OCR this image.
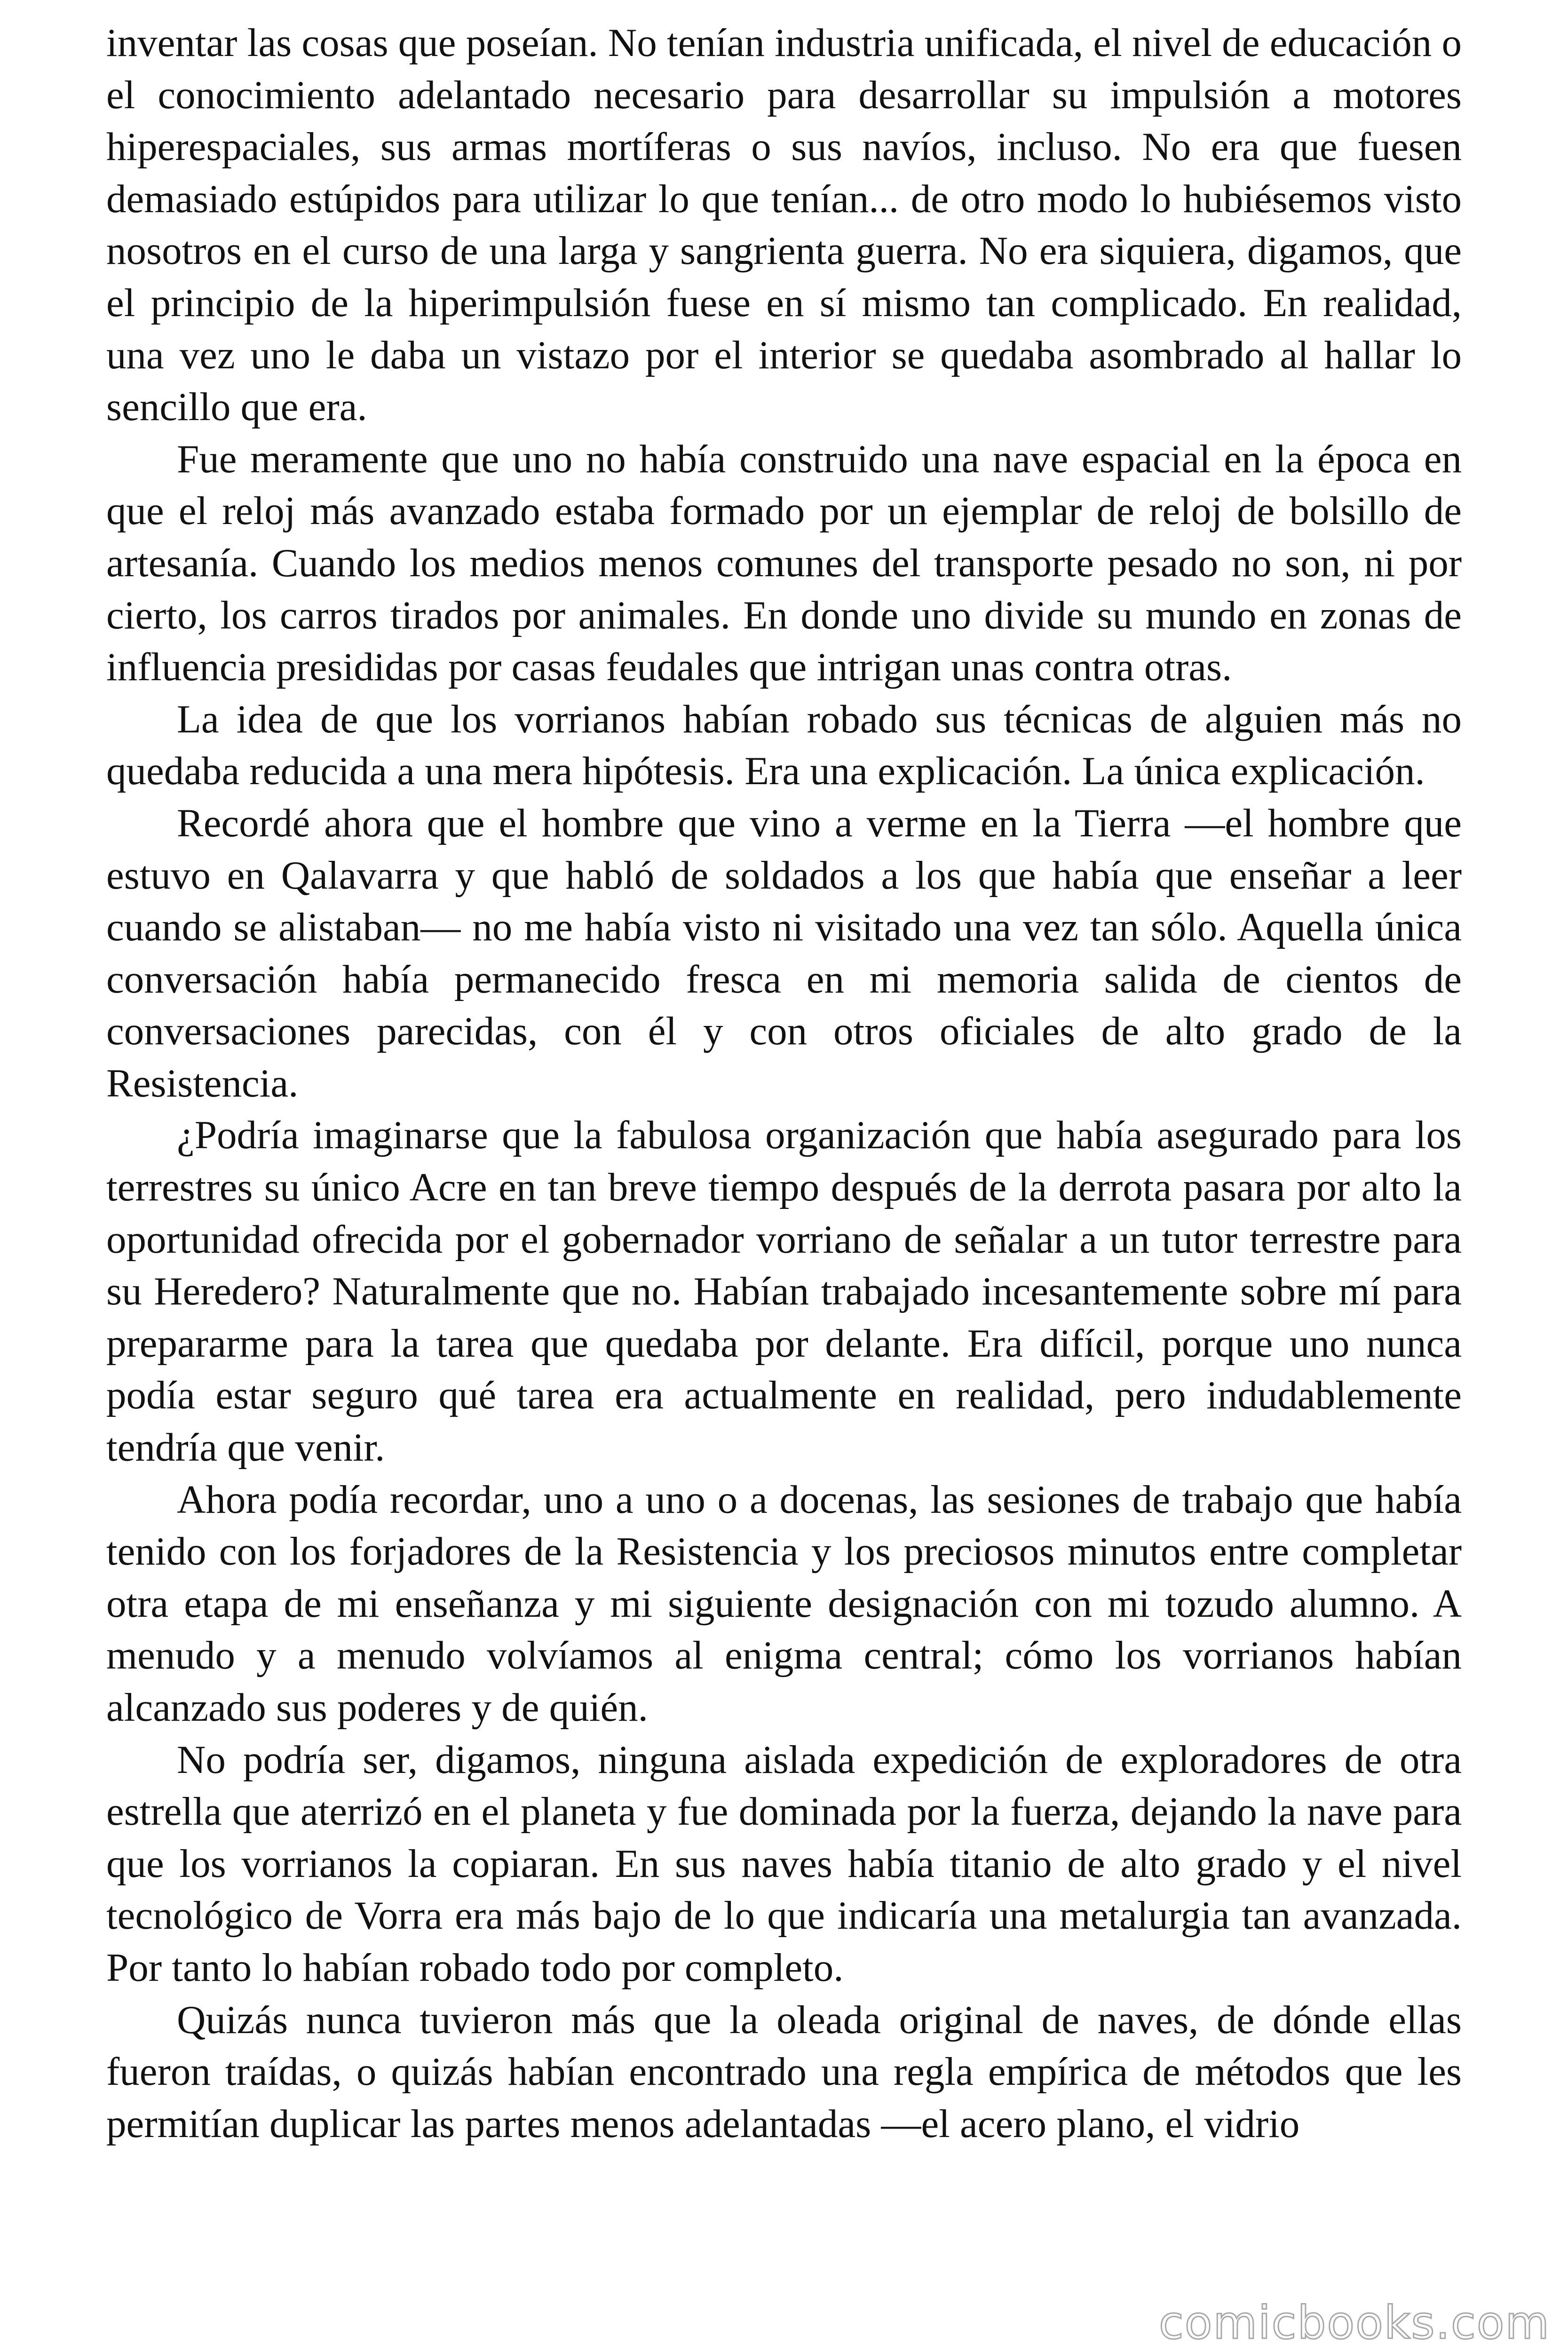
inventar las cosas que poseían. No tenían industria unificada, el nivel de educación o el conocimiento adelantado necesario para desarrollar su impulsión a motores hiperespaciales, sus armas mortíferas o sus navíos, incluso. No era que fuesen demasiado estúpidos para utilizar lo que tenían... de otro modo lo hubiésemos visto nosotros en el curso de una larga y sangrienta guerra. No era siquiera, digamos, que el principio de la hiperimpulsión fuese en sí mismo tan complicado. En realidad, una vez uno le daba un vistazo por el interior se quedaba asombrado al hallar lo sencillo que era.

Fue meramente que uno no había construido una nave espacial en la época en que el reloj más avanzado estaba formado por un ejemplar de reloj de bolsillo de artesanía. Cuando los medios menos comunes del transporte pesado no son, ni por cierto, los carros tirados por animales. En donde uno divide su mundo en zonas de influencia presididas por casas feudales que intrigan unas contra otras.

La idea de que los vorrianos habían robado sus técnicas de alguien más no quedaba reducida a una mera hipótesis. Era una explicación. La única explicación.

Recordé ahora que el hombre que vino a verme en la Tierra —el hombre que estuvo en Qalavarra y que habló de soldados a los que había que enseñar a leer cuando se alistaban— no me había visto ni visitado una vez tan sólo. Aquella única conversación había permanecido fresca en mi memoria salida de cientos de conversaciones parecidas, con él y con otros oficiales de alto grado de la Resistencia.

¿Podría imaginarse que la fabulosa organización que había asegurado para los terrestres su único Acre en tan breve tiempo después de la derrota pasara por alto la oportunidad ofrecida por el gobernador vorriano de señalar a un tutor terrestre para su Heredero? Naturalmente que no. Habían trabajado incesantemente sobre mí para prepararme para la tarea que quedaba por delante. Era difícil, porque uno nunca podía estar seguro qué tarea era actualmente en realidad, pero indudablemente tendría que venir.

Ahora podía recordar, uno a uno o a docenas, las sesiones de trabajo que había tenido con los forjadores de la Resistencia y los preciosos minutos entre completar otra etapa de mi enseñanza y mi siguiente designación con mi tozudo alumno. A menudo y a menudo volvíamos al enigma central; cómo los vorrianos habían alcanzado sus poderes y de quién.

No podría ser, digamos, ninguna aislada expedición de exploradores de otra estrella que aterrizó en el planeta y fue dominada por la fuerza, dejando la nave para que los vorrianos la copiaran. En sus naves había titanio de alto grado y el nivel tecnológico de Vorra era más bajo de lo que indicaría una metalurgia tan avanzada. Por tanto lo habían robado todo por completo.

Quizás nunca tuvieron más que la oleada original de naves, de dónde ellas fueron traídas, o quizás habían encontrado una regla empírica de métodos que les permitían duplicar las partes menos adelantadas —el acero plano, el vidrio

comicbooks.com
